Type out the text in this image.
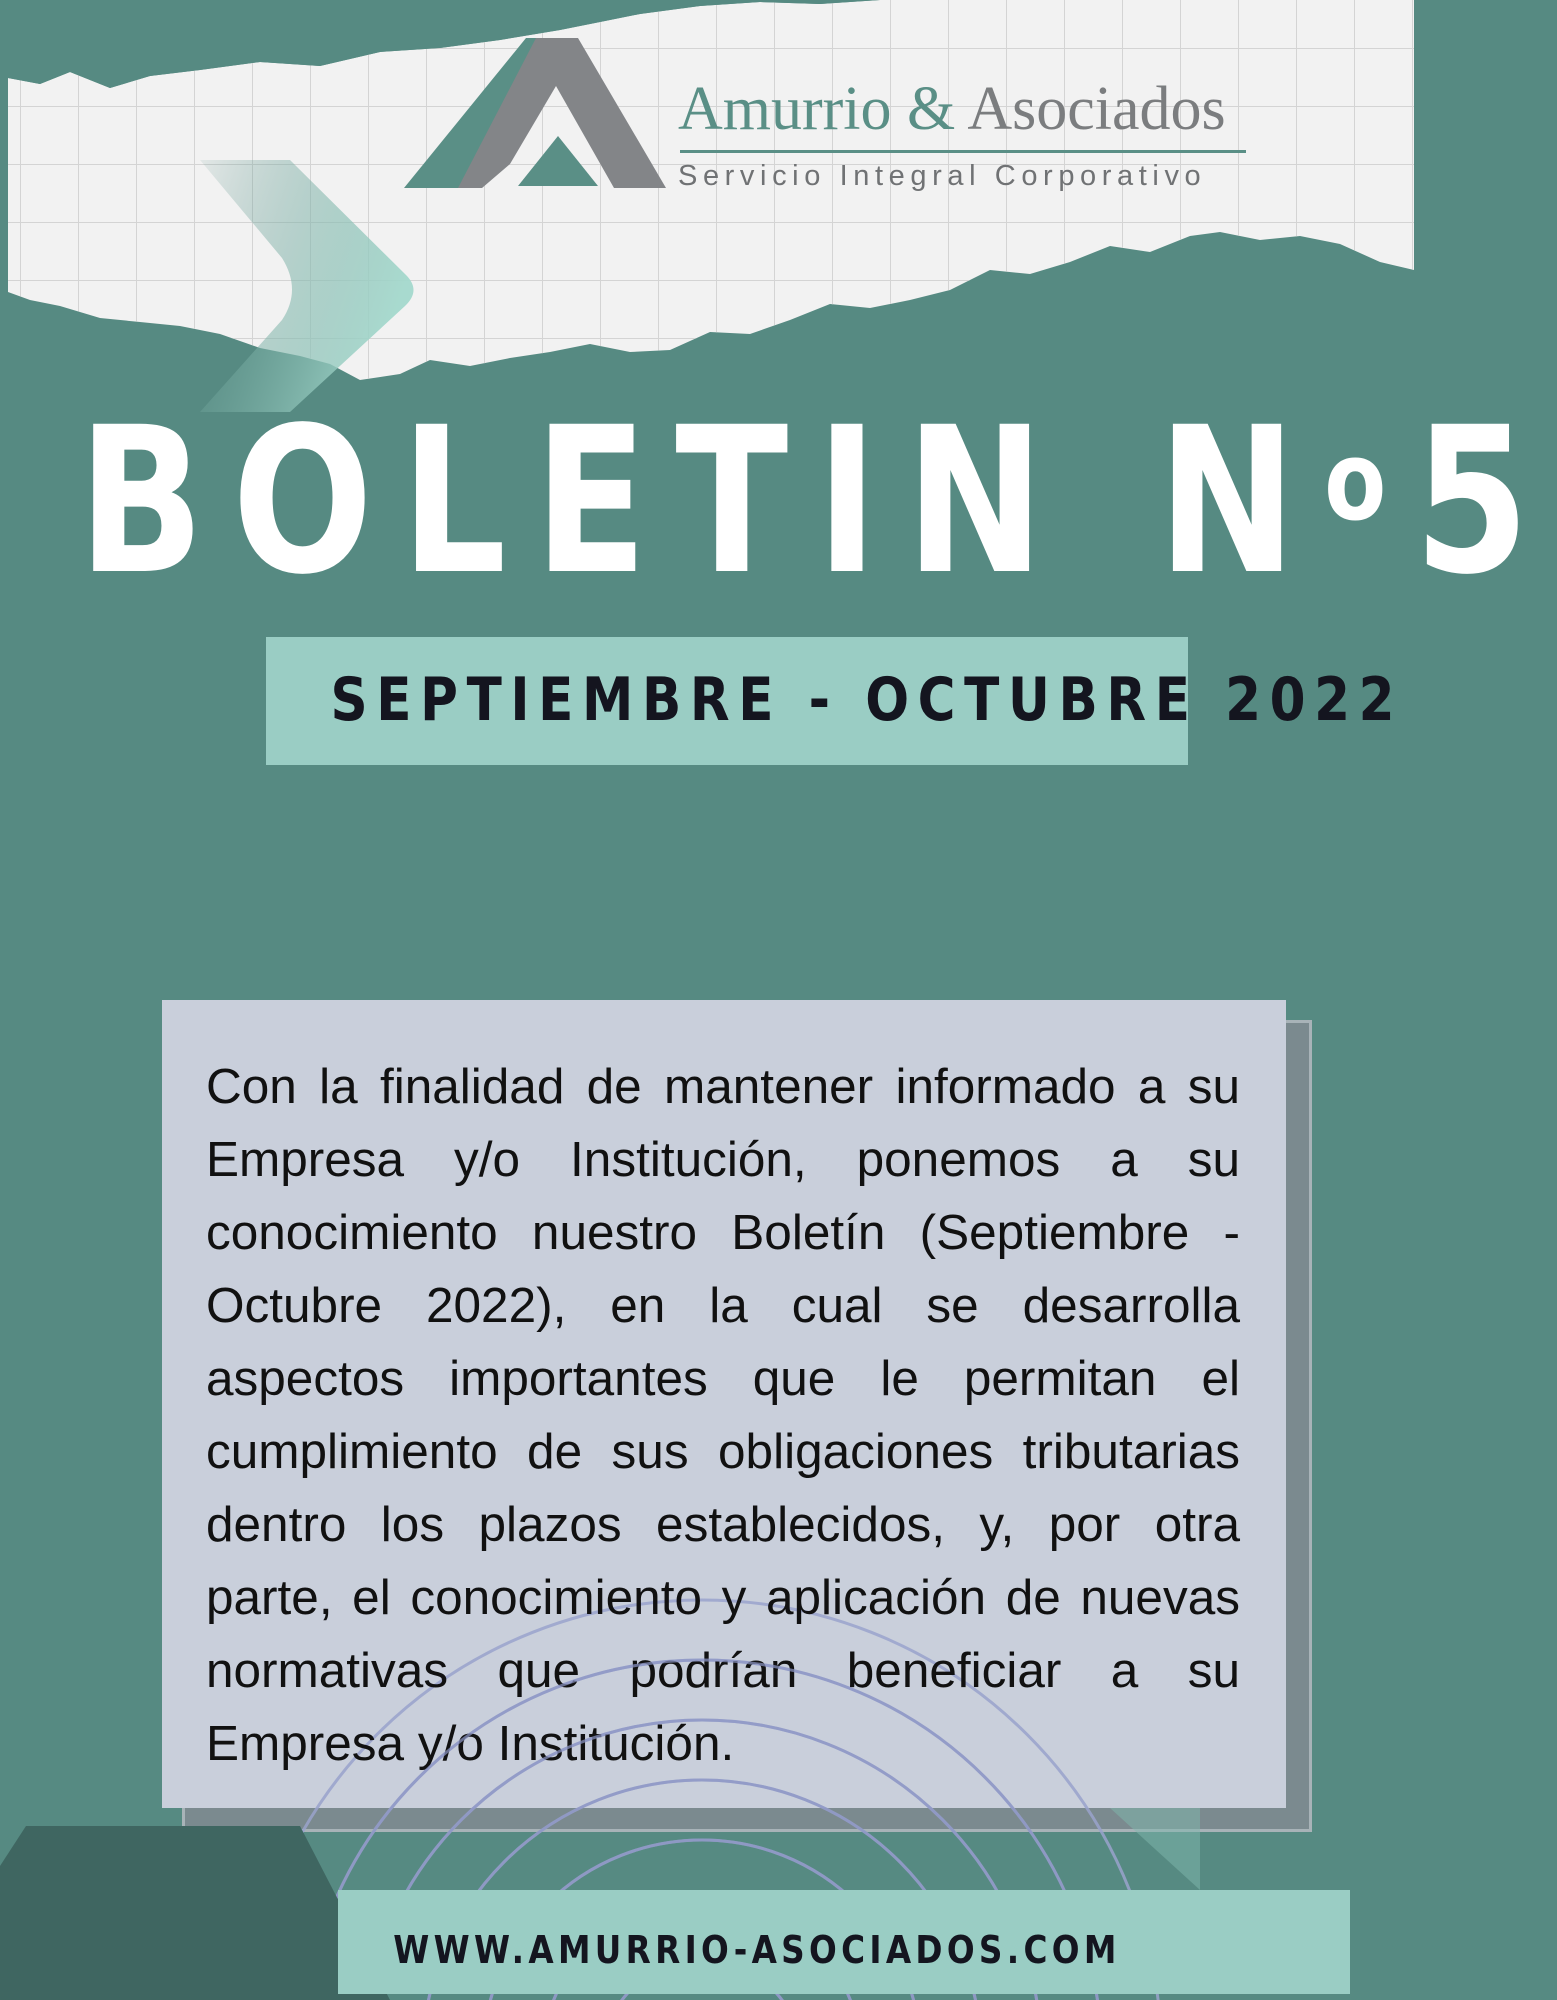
Amurrio & Asociados
Servicio Integral Corporativo
BOLETIN $N^o5$
SEPTIEMBRE - OCTUBRE 2022

Con la finalidad de mantener informado a su Empresa y/o Institución, ponemos a su conocimiento nuestro Boletín (Septiembre - Octubre 2022), en la cual se desarrolla aspectos importantes que le permitan el cumplimiento de sus obligaciones tributarias dentro los plazos establecidos, y, por otra parte, el conocimiento y aplicación de nuevas normativas que podrían beneficiar a su Empresa y/o Institución.

WWW.AMURRIO-ASOCIADOS.COM
